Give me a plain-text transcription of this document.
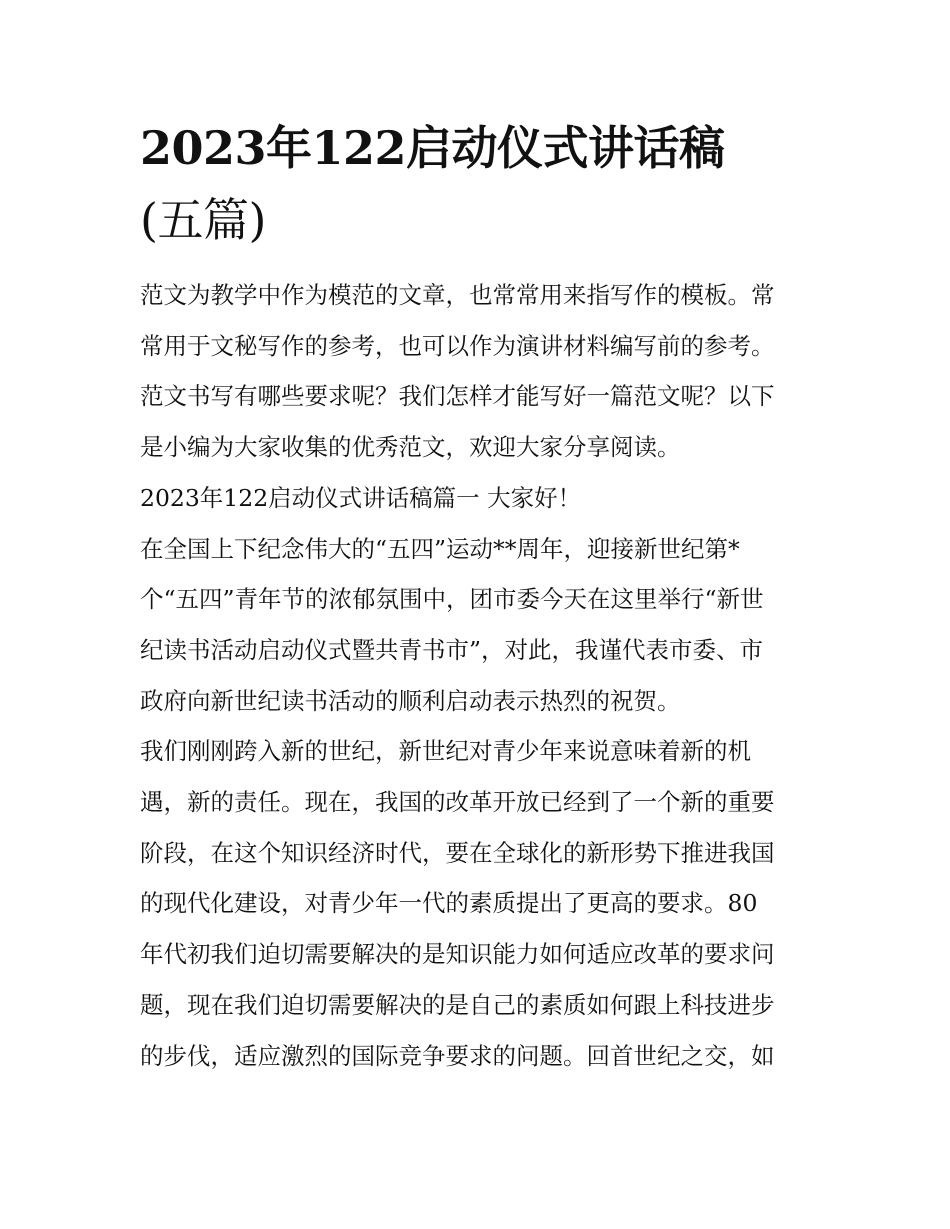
2023年122启动仪式讲话稿
(五篇)
范文为教学中作为模范的文章，也常常用来指写作的模板。常
常用于文秘写作的参考，也可以作为演讲材料编写前的参考。
范文书写有哪些要求呢？我们怎样才能写好一篇范文呢？以下
是小编为大家收集的优秀范文，欢迎大家分享阅读。
2023年122启动仪式讲话稿篇一 大家好！
在全国上下纪念伟大的“五四”运动**周年，迎接新世纪第*
个“五四”青年节的浓郁氛围中，团市委今天在这里举行“新世
纪读书活动启动仪式暨共青书市”，对此，我谨代表市委、市
政府向新世纪读书活动的顺利启动表示热烈的祝贺。
我们刚刚跨入新的世纪，新世纪对青少年来说意味着新的机
遇，新的责任。现在，我国的改革开放已经到了一个新的重要
阶段，在这个知识经济时代，要在全球化的新形势下推进我国
的现代化建设，对青少年一代的素质提出了更高的要求。80
年代初我们迫切需要解决的是知识能力如何适应改革的要求问
题，现在我们迫切需要解决的是自己的素质如何跟上科技进步
的步伐，适应激烈的国际竞争要求的问题。回首世纪之交，如
